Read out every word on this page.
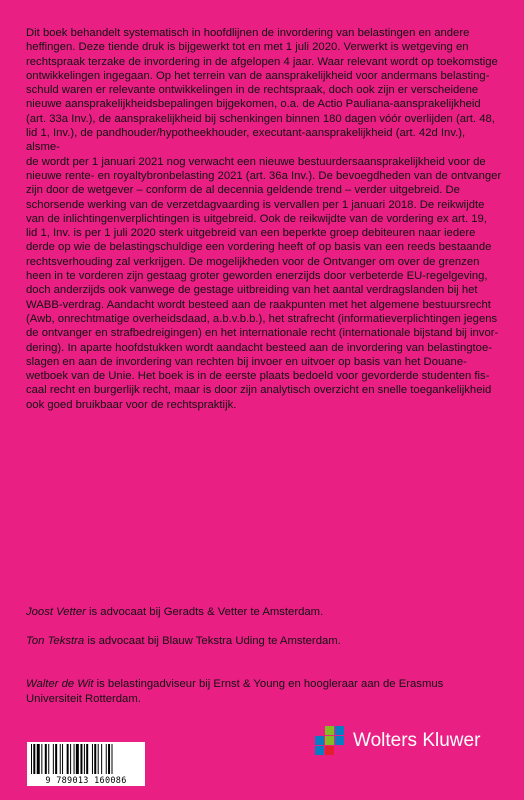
Dit boek behandelt systematisch in hoofdlijnen de invordering van belastingen en andere
heffingen. Deze tiende druk is bijgewerkt tot en met 1 juli 2020. Verwerkt is wetgeving en
rechtspraak terzake de invordering in de afgelopen 4 jaar. Waar relevant wordt op toekomstige
ontwikkelingen ingegaan. Op het terrein van de aansprakelijkheid voor andermans belasting-
schuld waren er relevante ontwikkelingen in de rechtspraak, doch ook zijn er verscheidene
nieuwe aansprakelijkheidsbepalingen bijgekomen, o.a. de Actio Pauliana-aansprakelijkheid
(art. 33a Inv.), de aansprakelijkheid bij schenkingen binnen 180 dagen vóór overlijden (art. 48,
lid 1, Inv.), de pandhouder/hypotheekhouder, executant-aansprakelijkheid (art. 42d Inv.), alsme-
de wordt per 1 januari 2021 nog verwacht een nieuwe bestuurdersaansprakelijkheid voor de
nieuwe rente- en royaltybronbelasting 2021 (art. 36a Inv.). De bevoegdheden van de ontvanger
zijn door de wetgever – conform de al decennia geldende trend – verder uitgebreid. De
schorsende werking van de verzetdagvaarding is vervallen per 1 januari 2018. De reikwijdte
van de inlichtingenverplichtingen is uitgebreid. Ook de reikwijdte van de vordering ex art. 19,
lid 1, Inv. is per 1 juli 2020 sterk uitgebreid van een beperkte groep debiteuren naar iedere
derde op wie de belastingschuldige een vordering heeft of op basis van een reeds bestaande
rechtsverhouding zal verkrijgen. De mogelijkheden voor de Ontvanger om over de grenzen
heen in te vorderen zijn gestaag groter geworden enerzijds door verbeterde EU-regelgeving,
doch anderzijds ook vanwege de gestage uitbreiding van het aantal verdragslanden bij het
WABB-verdrag. Aandacht wordt besteed aan de raakpunten met het algemene bestuursrecht
(Awb, onrechtmatige overheidsdaad, a.b.v.b.b.), het strafrecht (informatieverplichtingen jegens
de ontvanger en strafbedreigingen) en het internationale recht (internationale bijstand bij invor-
dering). In aparte hoofdstukken wordt aandacht besteed aan de invordering van belastingtoe-
slagen en aan de invordering van rechten bij invoer en uitvoer op basis van het Douane-
wetboek van de Unie. Het boek is in de eerste plaats bedoeld voor gevorderde studenten fis-
caal recht en burgerlijk recht, maar is door zijn analytisch overzicht en snelle toegankelijkheid
ook goed bruikbaar voor de rechtspraktijk.

Joost Vetter is advocaat bij Geradts & Vetter te Amsterdam.
Ton Tekstra is advocaat bij Blauw Tekstra Uding te Amsterdam.

Walter de Wit is belastingadviseur bij Ernst & Young en hoogleraar aan de Erasmus
Universiteit Rotterdam.

9 789013 160086
Wolters Kluwer
